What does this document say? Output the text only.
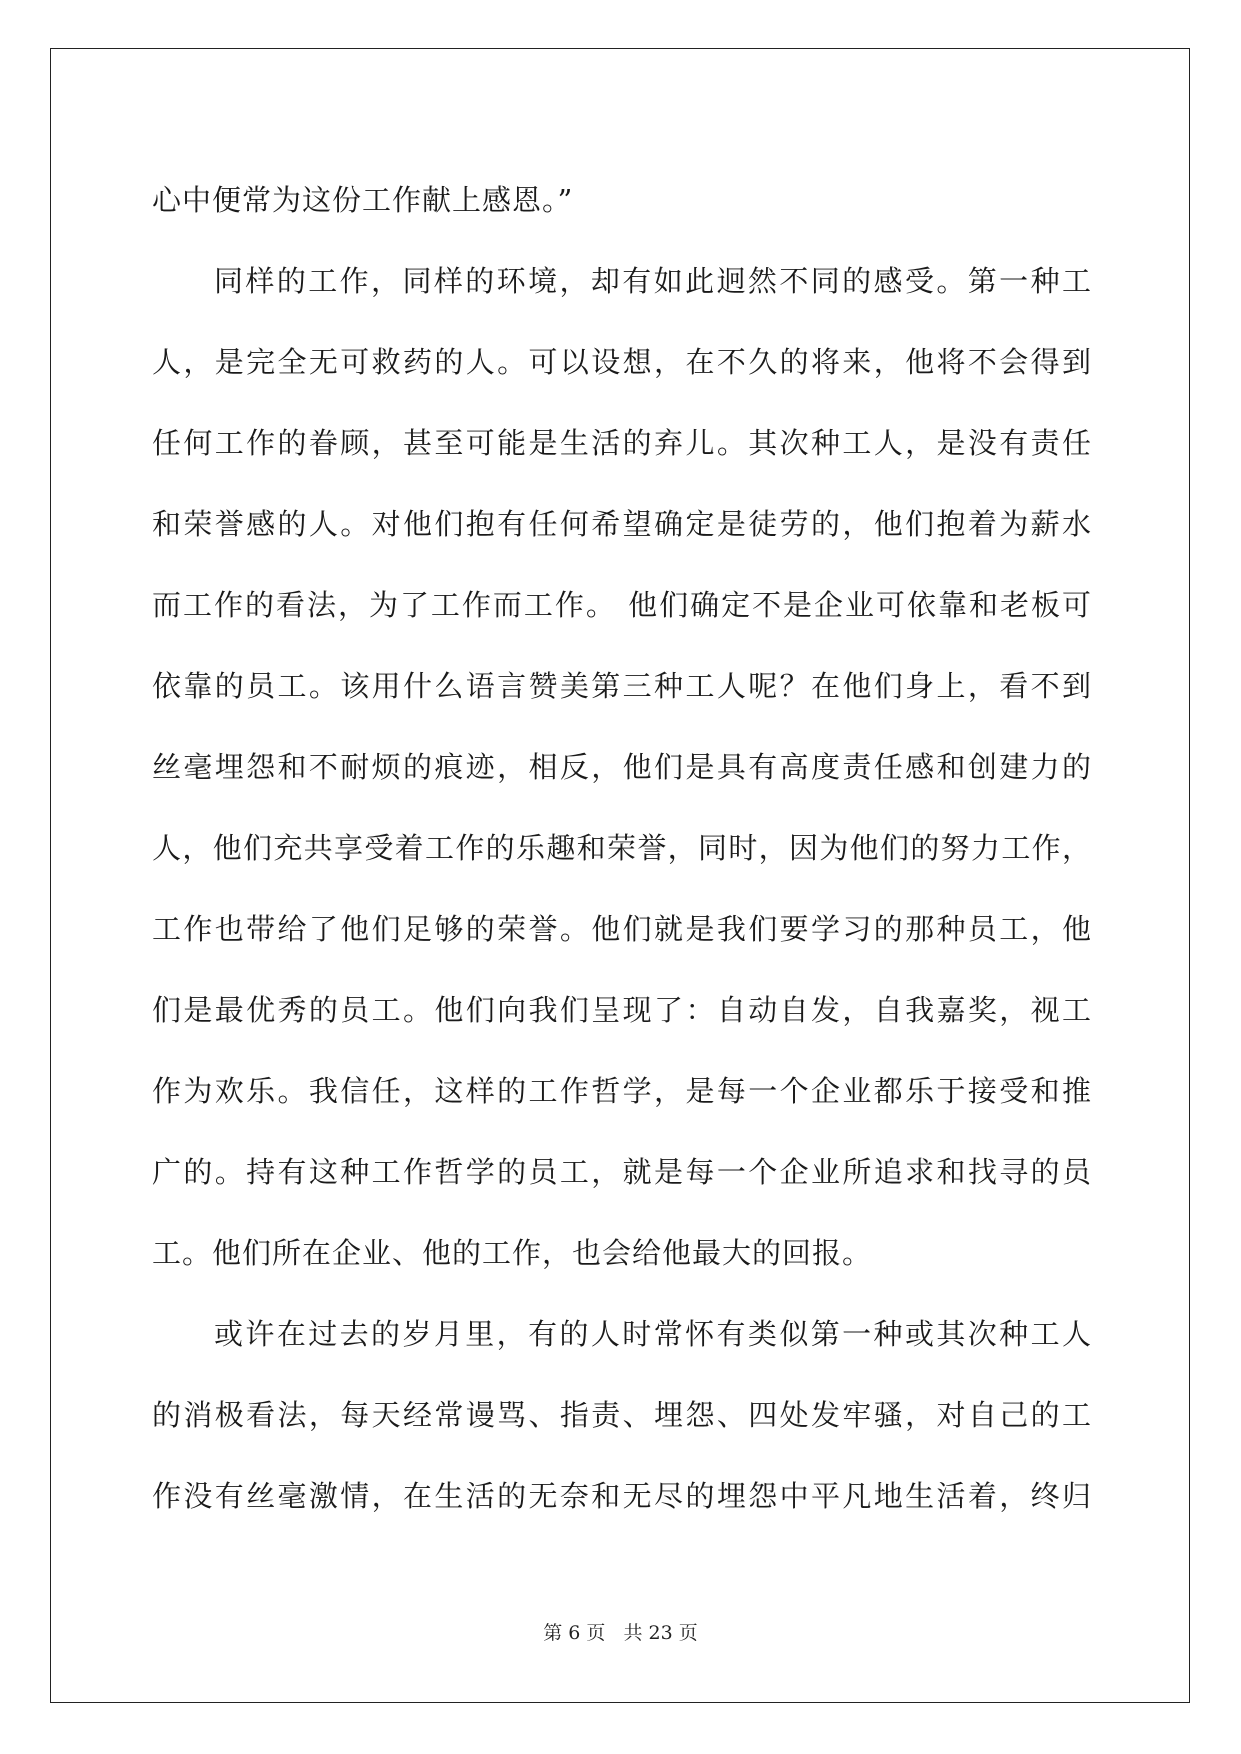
心中便常为这份工作献上感恩。”
同样的工作，同样的环境，却有如此迥然不同的感受。第一种工
人，是完全无可救药的人。可以设想，在不久的将来，他将不会得到
任何工作的眷顾，甚至可能是生活的弃儿。其次种工人，是没有责任
和荣誉感的人。对他们抱有任何希望确定是徒劳的，他们抱着为薪水
而工作的看法，为了工作而工作。 他们确定不是企业可依靠和老板可
依靠的员工。该用什么语言赞美第三种工人呢？在他们身上，看不到
丝毫埋怨和不耐烦的痕迹，相反，他们是具有高度责任感和创建力的
人，他们充共享受着工作的乐趣和荣誉，同时，因为他们的努力工作，
工作也带给了他们足够的荣誉。他们就是我们要学习的那种员工，他
们是最优秀的员工。他们向我们呈现了：自动自发，自我嘉奖，视工
作为欢乐。我信任，这样的工作哲学，是每一个企业都乐于接受和推
广的。持有这种工作哲学的员工，就是每一个企业所追求和找寻的员
工。他们所在企业、他的工作，也会给他最大的回报。
或许在过去的岁月里，有的人时常怀有类似第一种或其次种工人
的消极看法，每天经常谩骂、指责、埋怨、四处发牢骚，对自己的工
作没有丝毫激情，在生活的无奈和无尽的埋怨中平凡地生活着，终归
第 6 页 共 23 页
